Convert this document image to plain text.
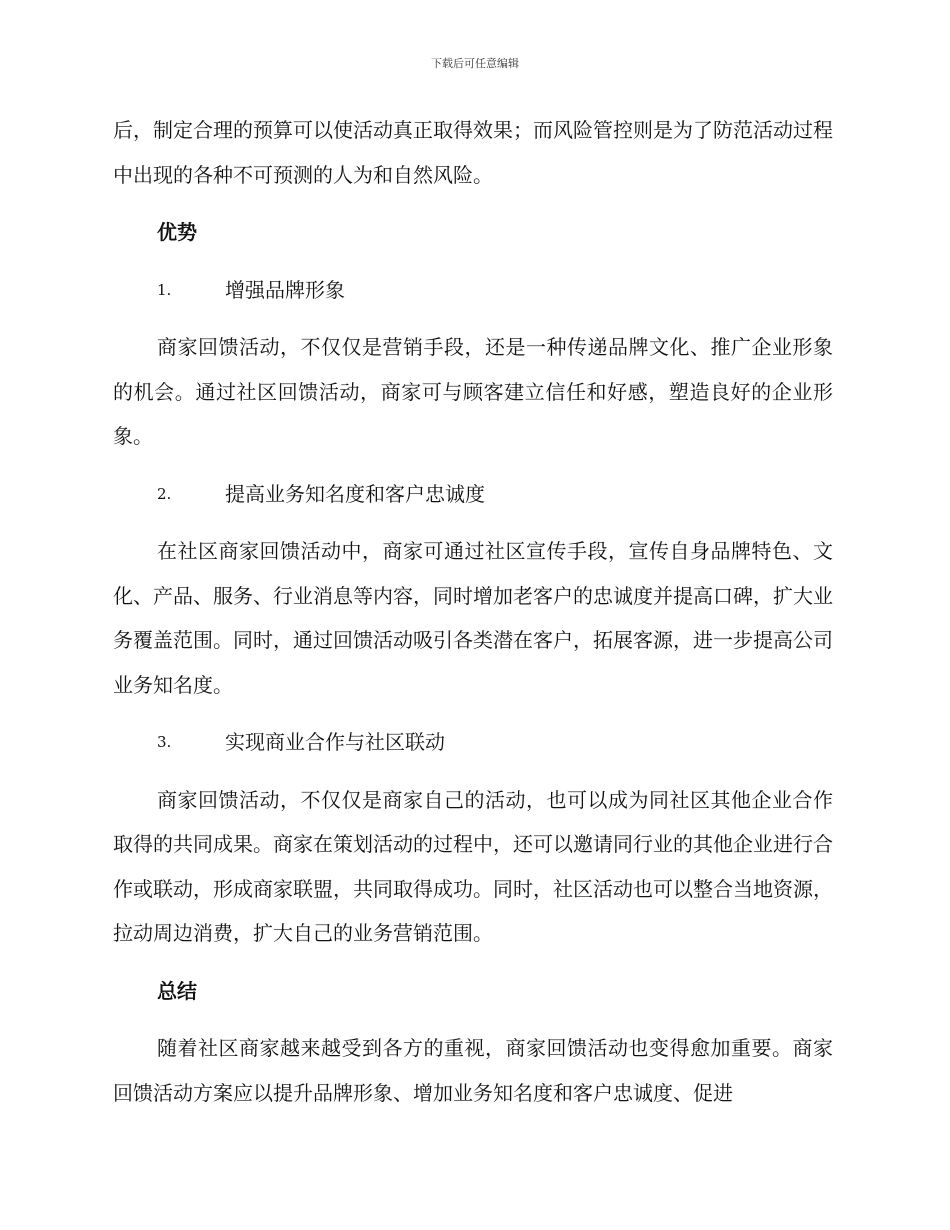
下载后可任意编辑

后，制定合理的预算可以使活动真正取得效果；而风险管控则是为了防范活动过程中出现的各种不可预测的人为和自然风险。

优势
1.	增强品牌形象

商家回馈活动，不仅仅是营销手段，还是一种传递品牌文化、推广企业形象的机会。通过社区回馈活动，商家可与顾客建立信任和好感，塑造良好的企业形象。

2.	提高业务知名度和客户忠诚度

在社区商家回馈活动中，商家可通过社区宣传手段，宣传自身品牌特色、文化、产品、服务、行业消息等内容，同时增加老客户的忠诚度并提高口碑，扩大业务覆盖范围。同时，通过回馈活动吸引各类潜在客户，拓展客源，进一步提高公司业务知名度。

3.	实现商业合作与社区联动

商家回馈活动，不仅仅是商家自己的活动，也可以成为同社区其他企业合作取得的共同成果。商家在策划活动的过程中，还可以邀请同行业的其他企业进行合作或联动，形成商家联盟，共同取得成功。同时，社区活动也可以整合当地资源，拉动周边消费，扩大自己的业务营销范围。

总结

随着社区商家越来越受到各方的重视，商家回馈活动也变得愈加重要。商家回馈活动方案应以提升品牌形象、增加业务知名度和客户忠诚度、促进
